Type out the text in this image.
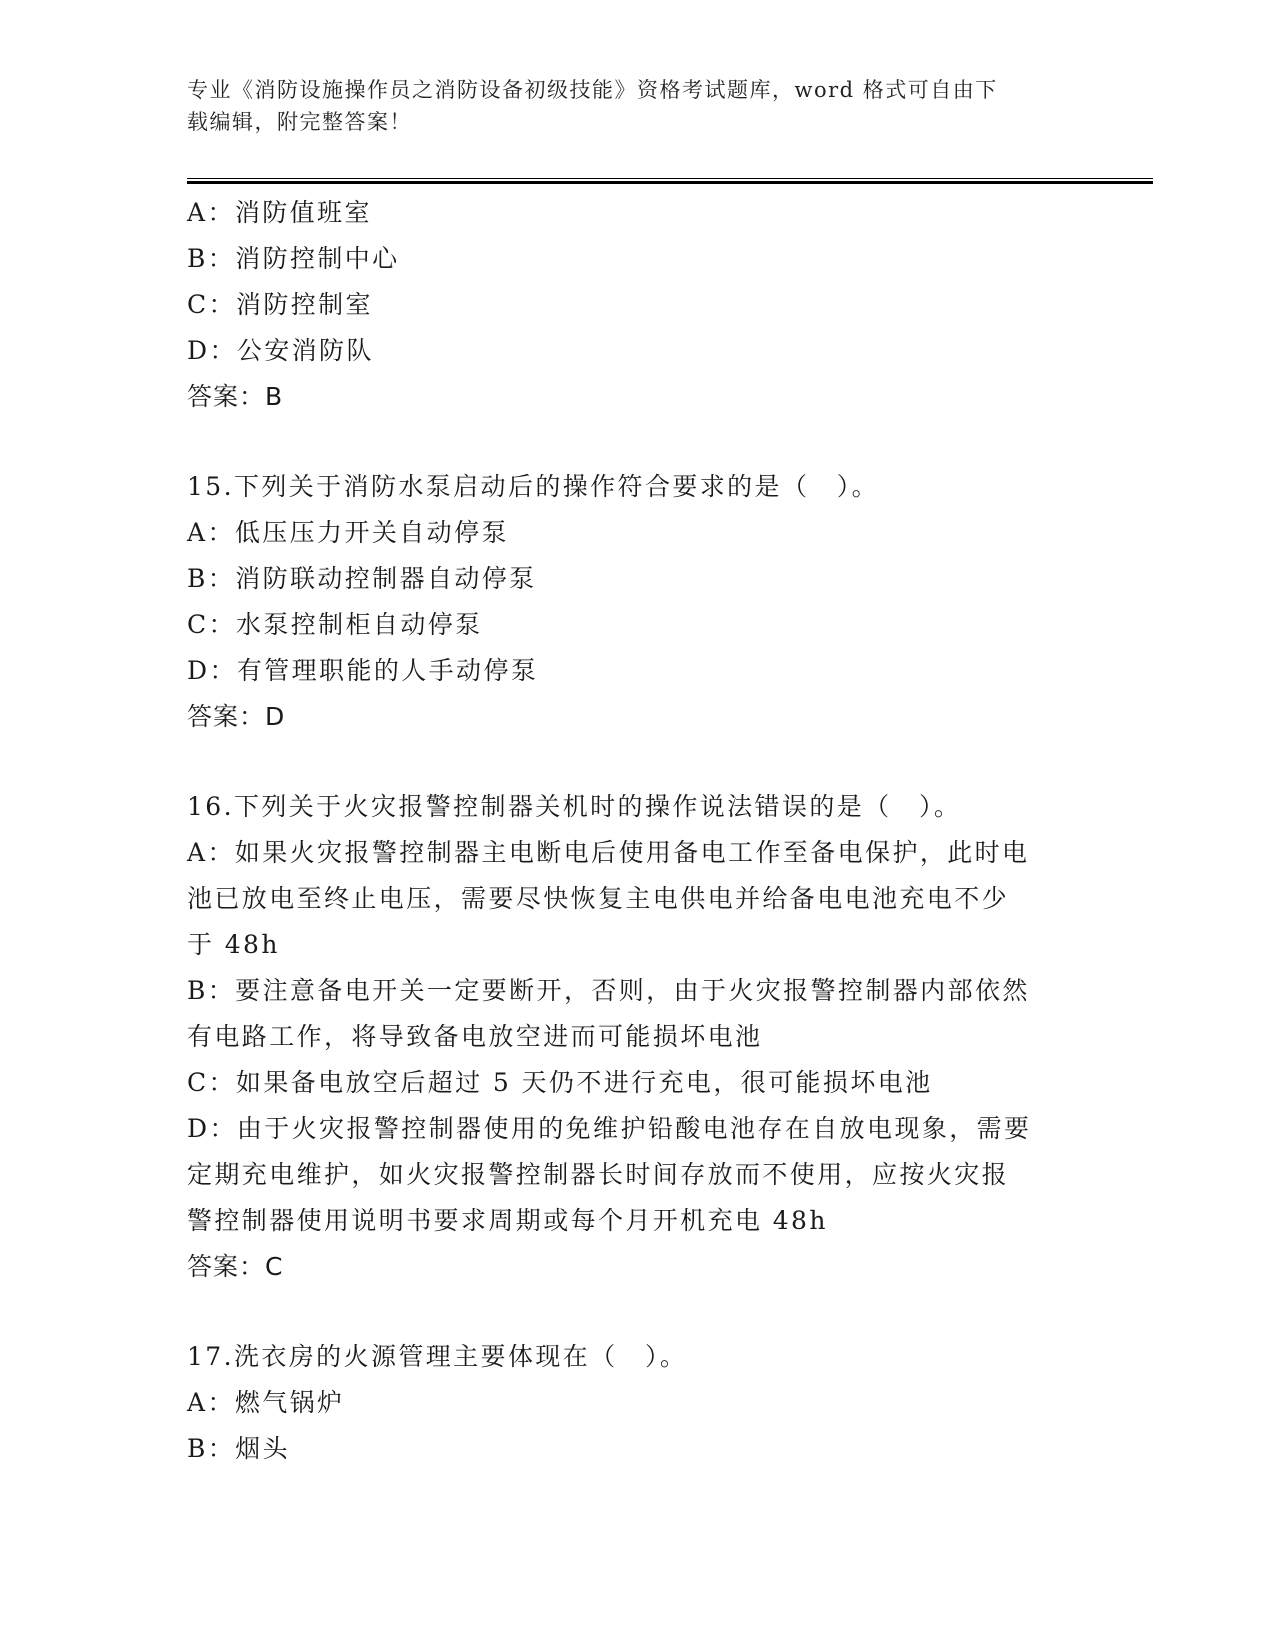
专业《消防设施操作员之消防设备初级技能》资格考试题库，word 格式可自由下
载编辑，附完整答案！
A：消防值班室
B：消防控制中心
C：消防控制室
D：公安消防队
答案：B
15.下列关于消防水泵启动后的操作符合要求的是（　）。
A：低压压力开关自动停泵
B：消防联动控制器自动停泵
C：水泵控制柜自动停泵
D：有管理职能的人手动停泵
答案：D
16.下列关于火灾报警控制器关机时的操作说法错误的是（　）。
A：如果火灾报警控制器主电断电后使用备电工作至备电保护，此时电
池已放电至终止电压，需要尽快恢复主电供电并给备电电池充电不少
于 48h
B：要注意备电开关一定要断开，否则，由于火灾报警控制器内部依然
有电路工作，将导致备电放空进而可能损坏电池
C：如果备电放空后超过 5 天仍不进行充电，很可能损坏电池
D：由于火灾报警控制器使用的免维护铅酸电池存在自放电现象，需要
定期充电维护，如火灾报警控制器长时间存放而不使用，应按火灾报
警控制器使用说明书要求周期或每个月开机充电 48h
答案：C
17.洗衣房的火源管理主要体现在（　）。
A：燃气锅炉
B：烟头
